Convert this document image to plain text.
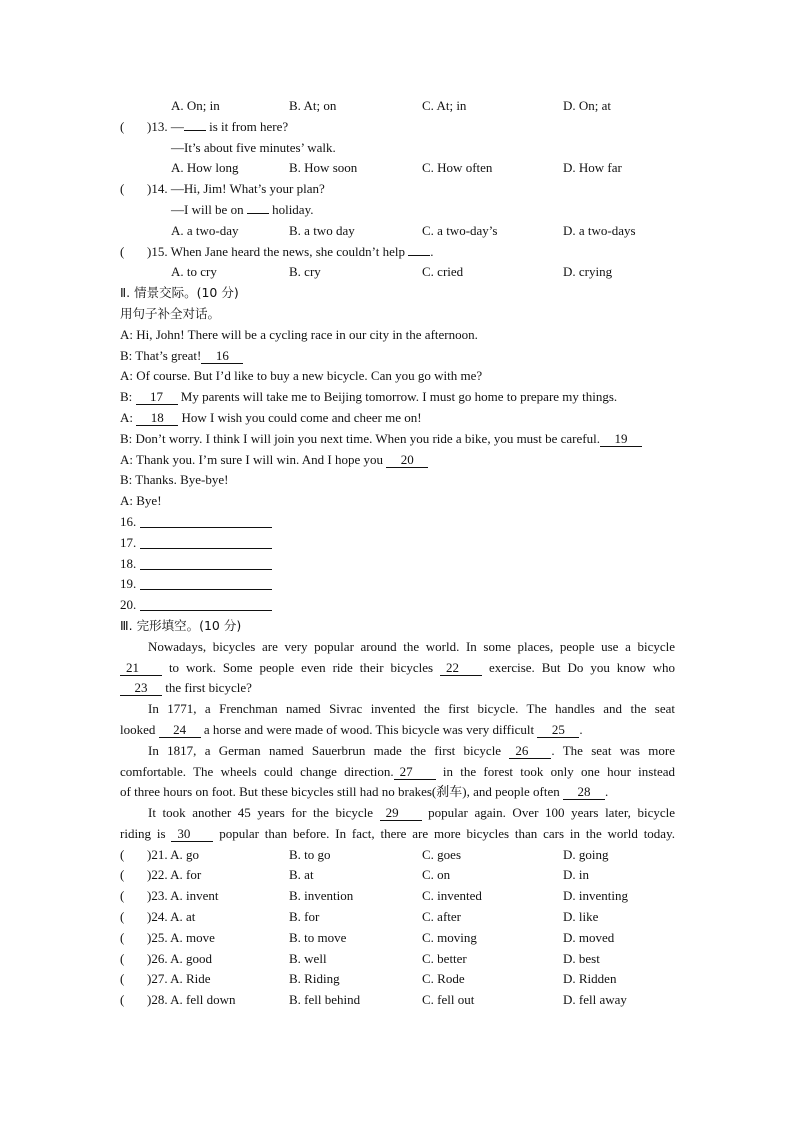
A. On; in	B. At; on	C. At; in	D. On; at
( )13. — is it from here?
—It’s about five minutes’ walk.
A. How long	B. How soon	C. How often	D. How far
( )14. —Hi, Jim! What’s your plan?
—I will be on  holiday.
A. a two-day	B. a two day	C. a two-day’s	D. a two-days
( )15. When Jane heard the news, she couldn’t help .
A. to cry	B. cry	C. cried	D. crying
Ⅱ. 情景交际。(10 分)
用句子补全对话。
A: Hi, John! There will be a cycling race in our city in the afternoon.
B: That’s great! 16
A: Of course. But I’d like to buy a new bicycle. Can you go with me?
B: 17 My parents will take me to Beijing tomorrow. I must go home to prepare my things.
A: 18 How I wish you could come and cheer me on!
B: Don’t worry. I think I will join you next time. When you ride a bike, you must be careful. 19
A: Thank you. I’m sure I will win. And I hope you 20
B: Thanks. Bye-bye!
A: Bye!
16.
17.
18.
19.
20.
Ⅲ. 完形填空。(10 分)
Nowadays, bicycles are very popular around the world. In some places, people use a bicycle
21 to work. Some people even ride their bicycles 22 exercise. But Do you know who
23 the first bicycle?
In 1771, a Frenchman named Sivrac invented the first bicycle. The handles and the seat
looked 24 a horse and were made of wood. This bicycle was very difficult 25 .
In 1817, a German named Sauerbrun made the first bicycle 26 . The seat was more
comfortable. The wheels could change direction. 27 in the forest took only one hour instead
of three hours on foot. But these bicycles still had no brakes(刹车), and people often 28 .
It took another 45 years for the bicycle 29 popular again. Over 100 years later, bicycle
riding is 30 popular than before. In fact, there are more bicycles than cars in the world today.
( )21. A. go	B. to go	C. goes	D. going
( )22. A. for	B. at	C. on	D. in
( )23. A. invent	B. invention	C. invented	D. inventing
( )24. A. at	B. for	C. after	D. like
( )25. A. move	B. to move	C. moving	D. moved
( )26. A. good	B. well	C. better	D. best
( )27. A. Ride	B. Riding	C. Rode	D. Ridden
( )28. A. fell down	B. fell behind	C. fell out	D. fell away
